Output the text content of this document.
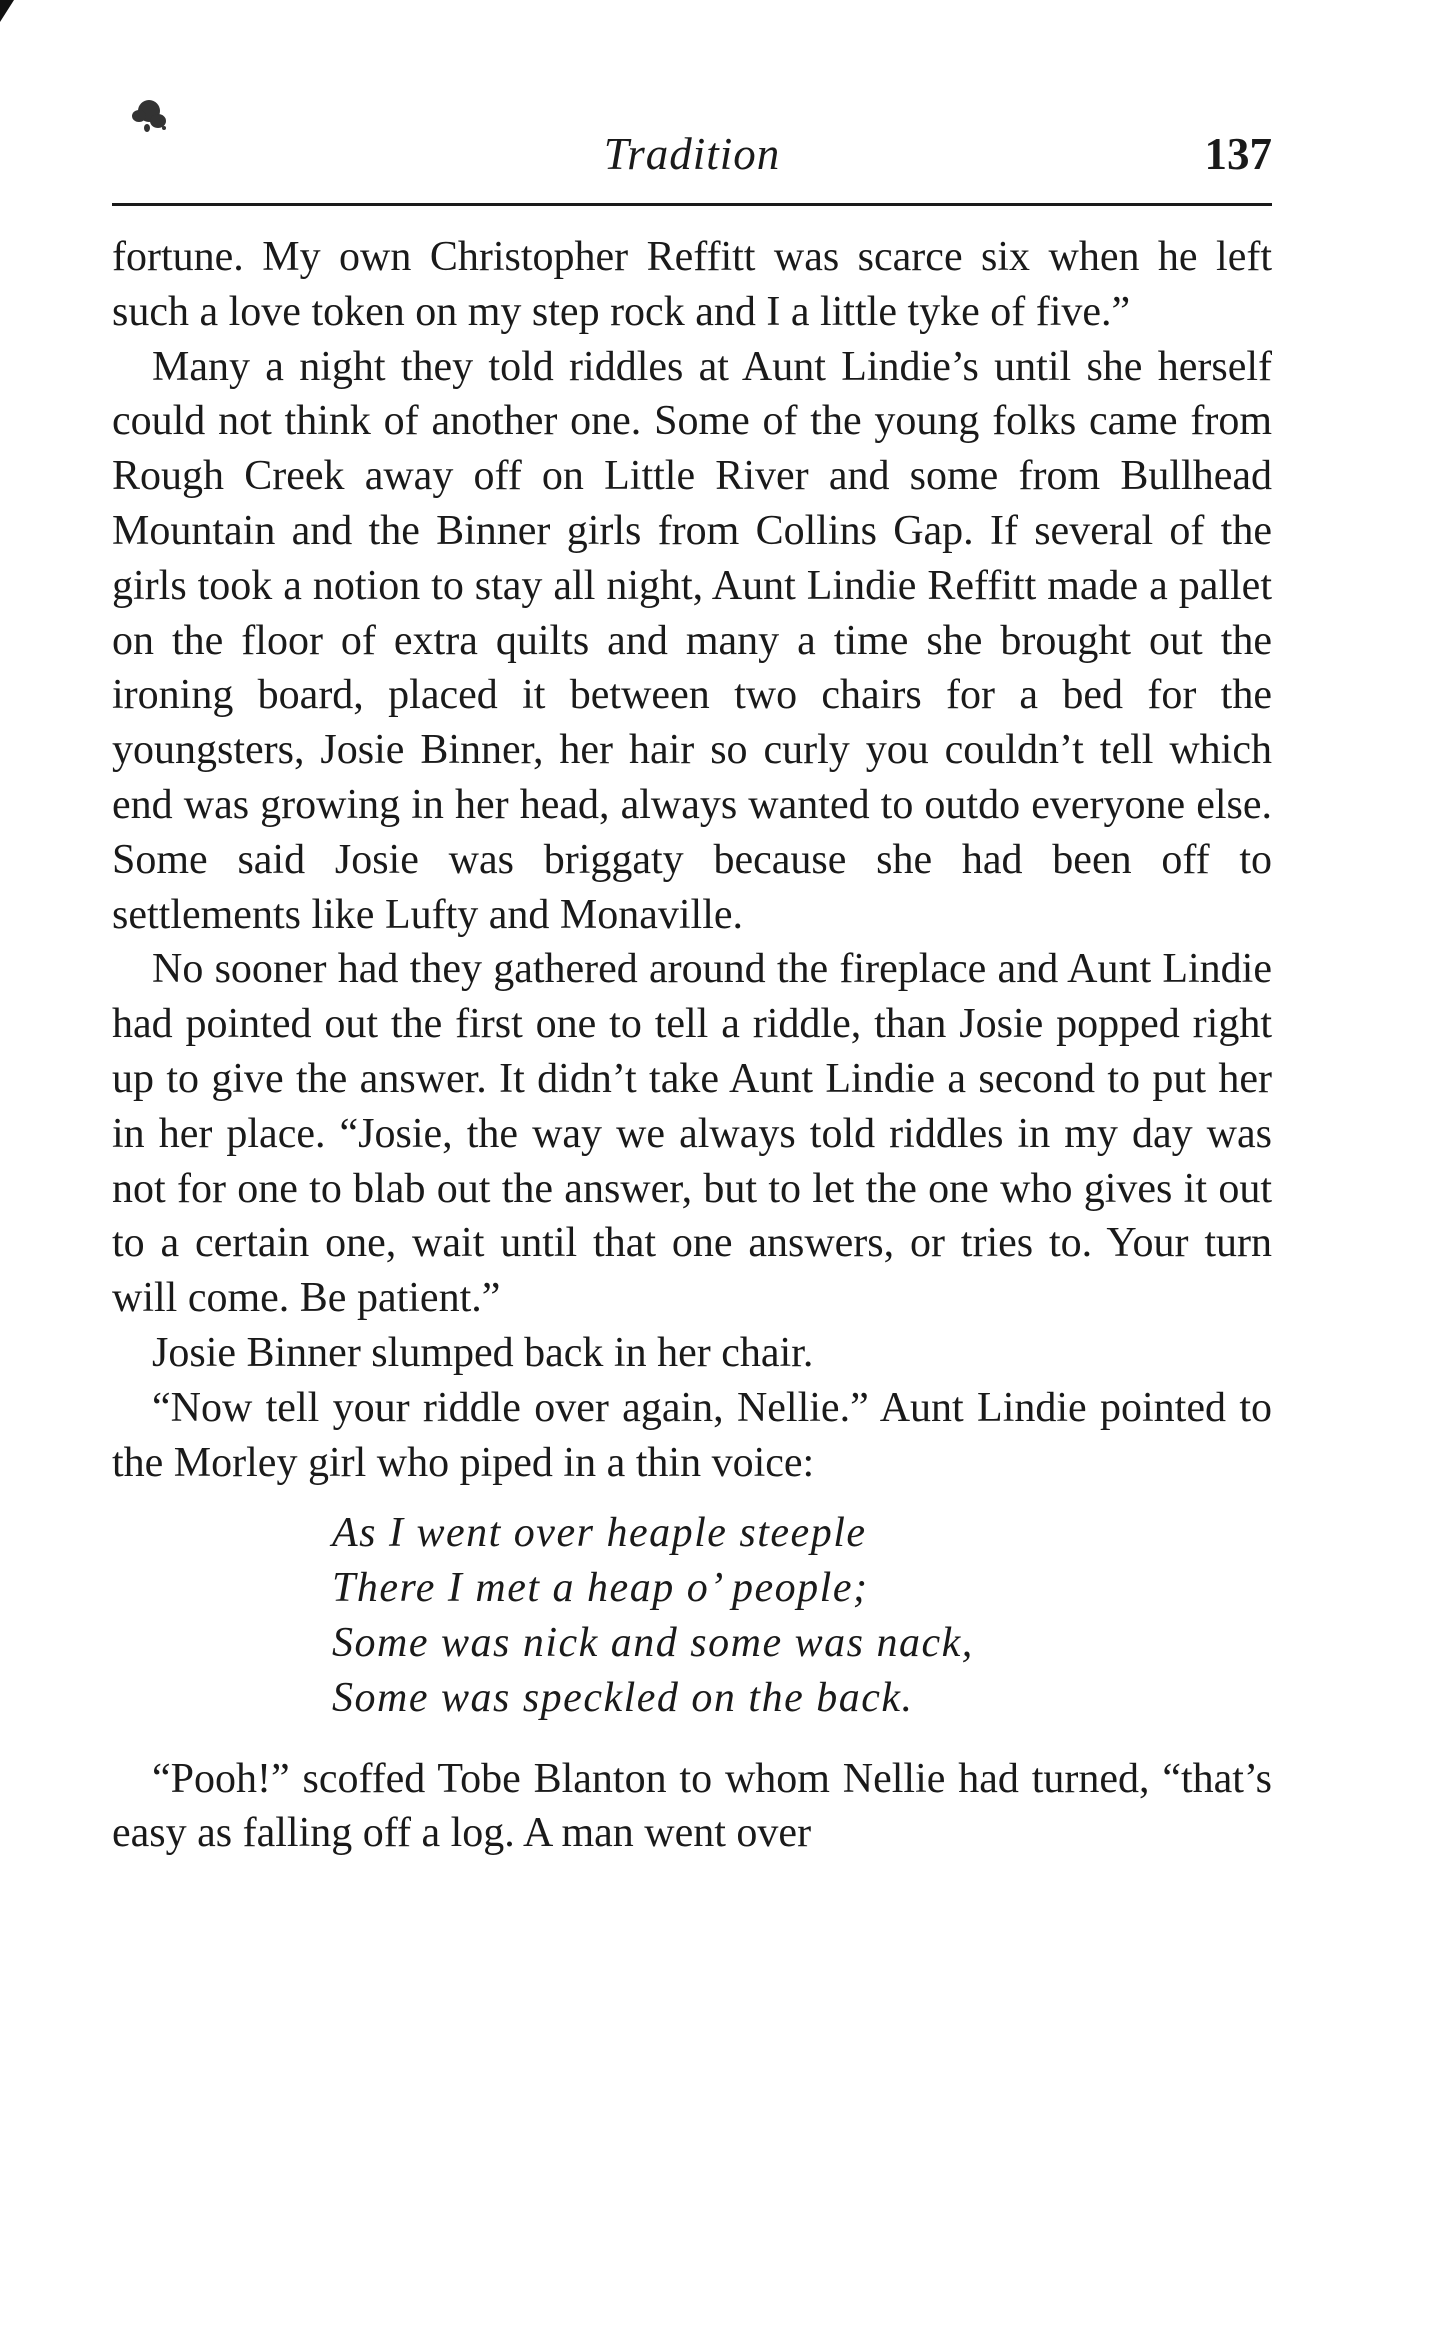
Tradition	137

fortune. My own Christopher Reffitt was scarce six when he left such a love token on my step rock and I a little tyke of five.”

Many a night they told riddles at Aunt Lindie’s until she herself could not think of another one. Some of the young folks came from Rough Creek away off on Little River and some from Bullhead Mountain and the Binner girls from Collins Gap. If several of the girls took a notion to stay all night, Aunt Lindie Reffitt made a pallet on the floor of extra quilts and many a time she brought out the ironing board, placed it between two chairs for a bed for the youngsters, Josie Binner, her hair so curly you couldn’t tell which end was growing in her head, always wanted to outdo everyone else. Some said Josie was briggaty because she had been off to settlements like Lufty and Monaville.

No sooner had they gathered around the fireplace and Aunt Lindie had pointed out the first one to tell a riddle, than Josie popped right up to give the answer. It didn’t take Aunt Lindie a second to put her in her place. “Josie, the way we always told riddles in my day was not for one to blab out the answer, but to let the one who gives it out to a certain one, wait until that one answers, or tries to. Your turn will come. Be patient.”

Josie Binner slumped back in her chair.

“Now tell your riddle over again, Nellie.” Aunt Lindie pointed to the Morley girl who piped in a thin voice:

As I went over heaple steeple
There I met a heap o’ people;
Some was nick and some was nack,
Some was speckled on the back.

“Pooh!” scoffed Tobe Blanton to whom Nellie had turned, “that’s easy as falling off a log. A man went over
